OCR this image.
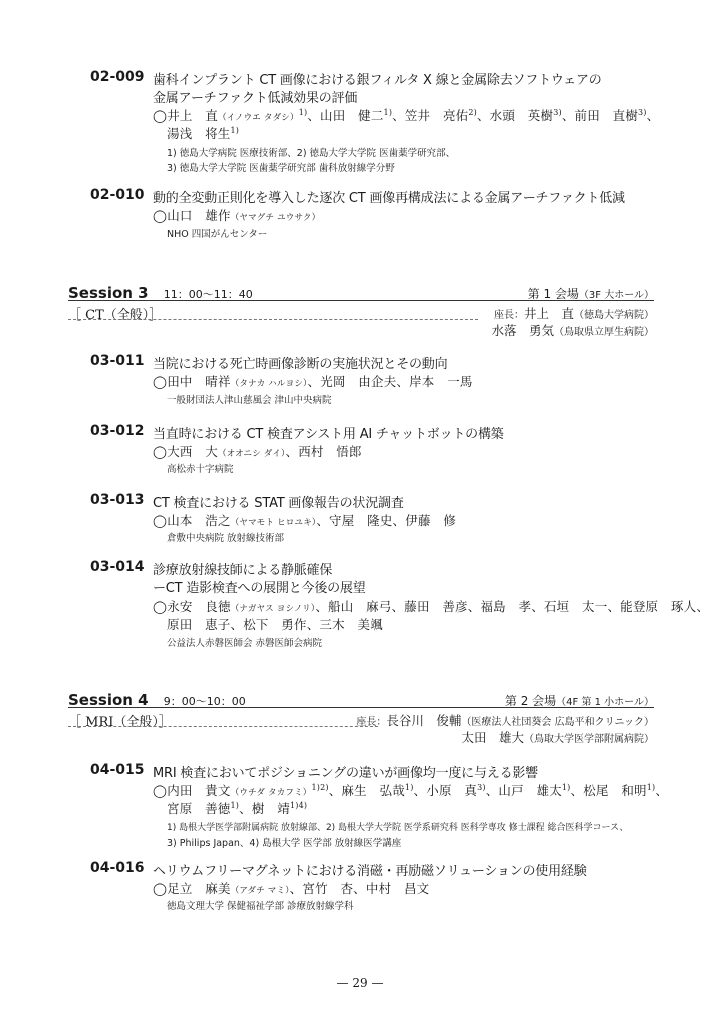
02-009 歯科インプラント CT 画像における銀フィルタ X 線と金属除去ソフトウェアの
金属アーチファクト低減効果の評価
◯井上　直（イノウエ タダシ）$^{1)}$、山田　健二$^{1)}$、笠井　亮佑$^{2)}$、水頭　英樹$^{3)}$、前田　直樹$^{3)}$、
湯浅　将生$^{1)}$
1) 徳島大学病院 医療技術部、2) 徳島大学大学院 医歯薬学研究部、
3) 徳島大学大学院 医歯薬学研究部 歯科放射線学分野
02-010 動的全変動正則化を導入した逐次 CT 画像再構成法による金属アーチファクト低減
◯山口　雄作（ヤマグチ ユウサク）
NHO 四国がんセンター
Session 3 11：00〜11：40	第 1 会場（3F 大ホール）
［ CT（全般）］	座長：井上　直（徳島大学病院）
水落　勇気（鳥取県立厚生病院）
03-011 当院における死亡時画像診断の実施状況とその動向
◯田中　晴祥（タナカ ハルヨシ）、光岡　由企夫、岸本　一馬
一般財団法人津山慈風会 津山中央病院
03-012 当直時における CT 検査アシスト用 AI チャットボットの構築
◯大西　大（オオニシ ダイ）、西村　悟郎
高松赤十字病院
03-013 CT 検査における STAT 画像報告の状況調査
◯山本　浩之（ヤマモト ヒロユキ）、守屋　隆史、伊藤　修
倉敷中央病院 放射線技術部
03-014 診療放射線技師による静脈確保
ーCT 造影検査への展開と今後の展望
◯永安　良徳（ナガヤス ヨシノリ）、船山　麻弓、藤田　善彦、福島　孝、石垣　太一、能登原　琢人、
原田　恵子、松下　勇作、三木　美颯
公益法人赤磐医師会 赤磐医師会病院
Session 4 9：00〜10：00	第 2 会場（4F 第 1 小ホール）
［ MRI（全般）］	座長：長谷川　俊輔（医療法人社団葵会 広島平和クリニック）
太田　雄大（鳥取大学医学部附属病院）
04-015 MRI 検査においてポジショニングの違いが画像均一度に与える影響
◯内田　貴文（ウチダ タカフミ）$^{1)2)}$、麻生　弘哉$^{1)}$、小原　真$^{3)}$、山戸　雄太$^{1)}$、松尾　和明$^{1)}$、
宮原　善徳$^{1)}$、樹　靖$^{1)4)}$
1) 島根大学医学部附属病院 放射線部、2) 島根大学大学院 医学系研究科 医科学専攻 修士課程 総合医科学コース、
3) Philips Japan、4) 島根大学 医学部 放射線医学講座
04-016 ヘリウムフリーマグネットにおける消磁・再励磁ソリューションの使用経験
◯足立　麻美（アダチ マミ）、宮竹　杏、中村　昌文
徳島文理大学 保健福祉学部 診療放射線学科
— 29 —
